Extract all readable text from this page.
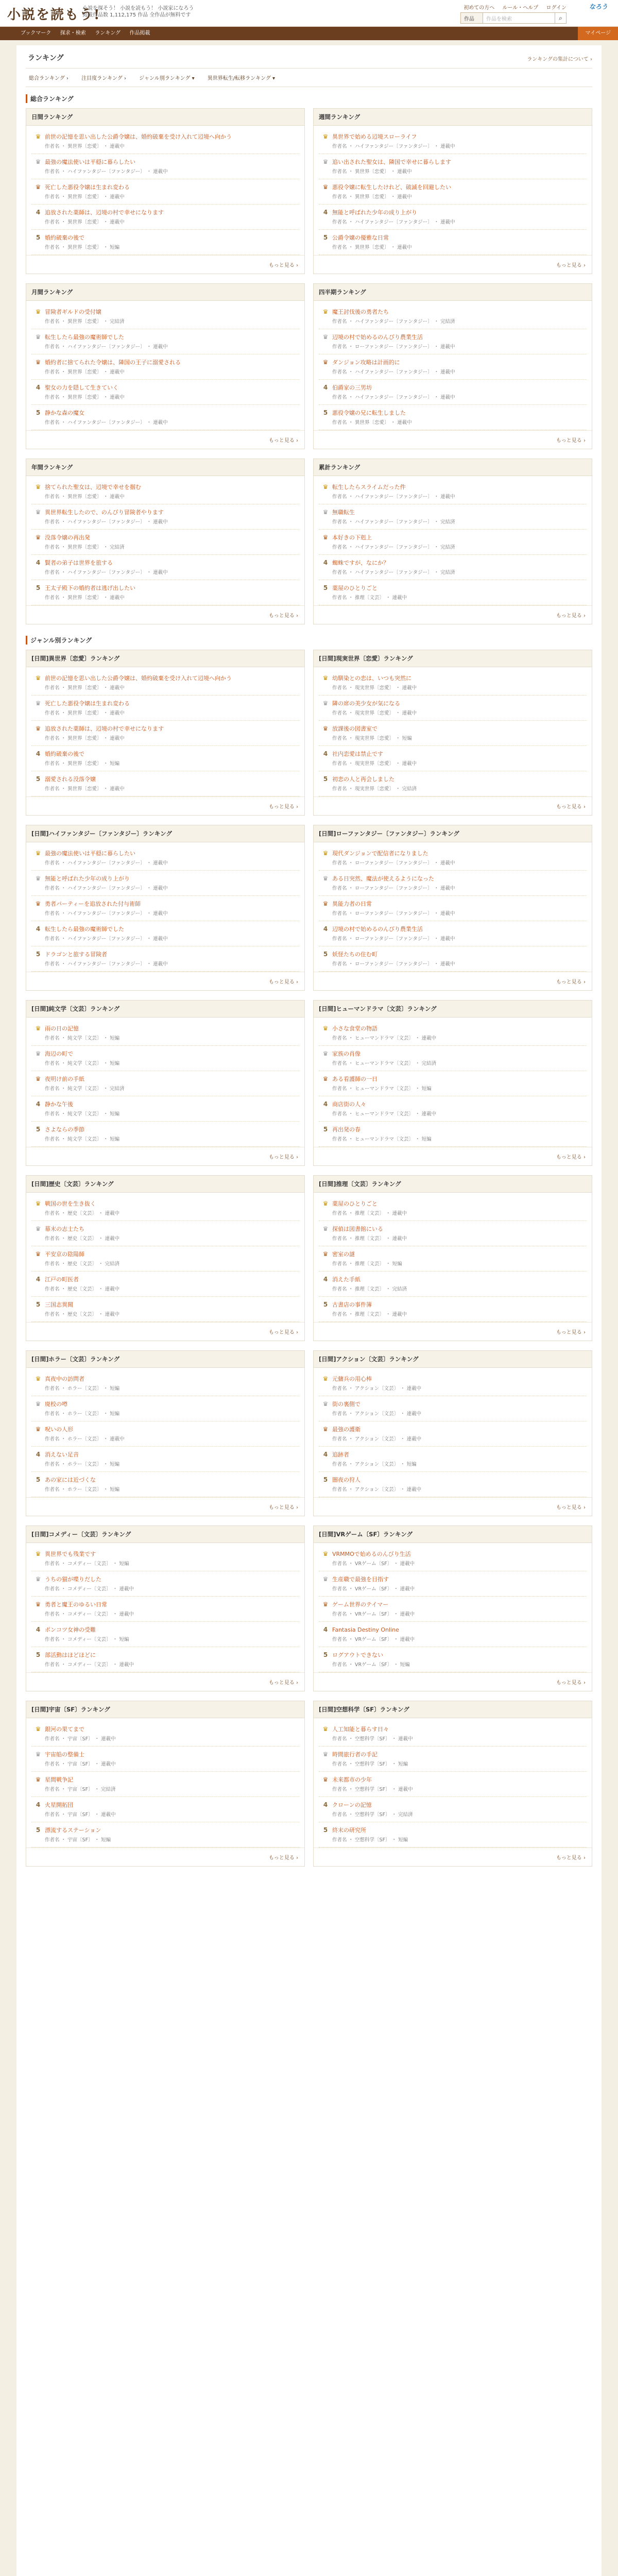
小説を読もう!
小説を探そう！ 小説を読もう！ 小説家になろう
掲載作品数 1,112,175 作品 全作品が無料です
初めての方へ ルール・ヘルプ ログイン	なろう
作品	作品を検索	⌕
ブックマーク 探求・検索 ランキング 作品掲載	マイページ
ランキング	ランキングの集計について ›
総合ランキング ›	注目度ランキング ›	ジャンル別ランキング ▾	異世界転生/転移ランキング ▾
総合ランキング
日間ランキング
♛ 前世の記憶を思い出した公爵令嬢は、婚約破棄を受け入れて辺境へ向かう
作者名 ・ 異世界〔恋愛〕 ・ 連載中
♛ 最強の魔法使いは平穏に暮らしたい
作者名 ・ ハイファンタジー〔ファンタジー〕 ・ 連載中
♛ 死亡した悪役令嬢は生まれ変わる
作者名 ・ 異世界〔恋愛〕 ・ 連載中
4 追放された薬師は、辺境の村で幸せになります
作者名 ・ 異世界〔恋愛〕 ・ 連載中
5 婚約破棄の後で
作者名 ・ 異世界〔恋愛〕 ・ 短編
もっと見る ›
週間ランキング
♛ 異世界で始める辺境スローライフ
作者名 ・ ハイファンタジー〔ファンタジー〕 ・ 連載中
♛ 追い出された聖女は、隣国で幸せに暮らします
作者名 ・ 異世界〔恋愛〕 ・ 連載中
♛ 悪役令嬢に転生したけれど、破滅を回避したい
作者名 ・ 異世界〔恋愛〕 ・ 連載中
4 無能と呼ばれた少年の成り上がり
作者名 ・ ハイファンタジー〔ファンタジー〕 ・ 連載中
5 公爵令嬢の優雅な日常
作者名 ・ 異世界〔恋愛〕 ・ 連載中
もっと見る ›
月間ランキング
♛ 冒険者ギルドの受付嬢
作者名 ・ 異世界〔恋愛〕 ・ 完結済
♛ 転生したら最強の魔術師でした
作者名 ・ ハイファンタジー〔ファンタジー〕 ・ 連載中
♛ 婚約者に捨てられた令嬢は、隣国の王子に溺愛される
作者名 ・ 異世界〔恋愛〕 ・ 連載中
4 聖女の力を隠して生きていく
作者名 ・ 異世界〔恋愛〕 ・ 連載中
5 静かな森の魔女
作者名 ・ ハイファンタジー〔ファンタジー〕 ・ 連載中
もっと見る ›
四半期ランキング
♛ 魔王討伐後の勇者たち
作者名 ・ ハイファンタジー〔ファンタジー〕 ・ 完結済
♛ 辺境の村で始めるのんびり農業生活
作者名 ・ ローファンタジー〔ファンタジー〕 ・ 連載中
♛ ダンジョン攻略は計画的に
作者名 ・ ハイファンタジー〔ファンタジー〕 ・ 連載中
4 伯爵家の三男坊
作者名 ・ ハイファンタジー〔ファンタジー〕 ・ 連載中
5 悪役令嬢の兄に転生しました
作者名 ・ 異世界〔恋愛〕 ・ 連載中
もっと見る ›
年間ランキング
♛ 捨てられた聖女は、辺境で幸せを掴む
作者名 ・ 異世界〔恋愛〕 ・ 連載中
♛ 異世界転生したので、のんびり冒険者やります
作者名 ・ ハイファンタジー〔ファンタジー〕 ・ 連載中
♛ 没落令嬢の再出発
作者名 ・ 異世界〔恋愛〕 ・ 完結済
4 賢者の弟子は世界を旅する
作者名 ・ ハイファンタジー〔ファンタジー〕 ・ 連載中
5 王太子殿下の婚約者は逃げ出したい
作者名 ・ 異世界〔恋愛〕 ・ 連載中
もっと見る ›
累計ランキング
♛ 転生したらスライムだった件
作者名 ・ ハイファンタジー〔ファンタジー〕 ・ 連載中
♛ 無職転生
作者名 ・ ハイファンタジー〔ファンタジー〕 ・ 完結済
♛ 本好きの下剋上
作者名 ・ ハイファンタジー〔ファンタジー〕 ・ 完結済
4 蜘蛛ですが、なにか？
作者名 ・ ハイファンタジー〔ファンタジー〕 ・ 完結済
5 薬屋のひとりごと
作者名 ・ 推理〔文芸〕 ・ 連載中
もっと見る ›
ジャンル別ランキング
[日間]異世界〔恋愛〕ランキング
♛ 前世の記憶を思い出した公爵令嬢は、婚約破棄を受け入れて辺境へ向かう
作者名 ・ 異世界〔恋愛〕 ・ 連載中
♛ 死亡した悪役令嬢は生まれ変わる
作者名 ・ 異世界〔恋愛〕 ・ 連載中
♛ 追放された薬師は、辺境の村で幸せになります
作者名 ・ 異世界〔恋愛〕 ・ 連載中
4 婚約破棄の後で
作者名 ・ 異世界〔恋愛〕 ・ 短編
5 溺愛される没落令嬢
作者名 ・ 異世界〔恋愛〕 ・ 連載中
もっと見る ›
[日間]現実世界〔恋愛〕ランキング
♛ 幼馴染との恋は、いつも突然に
作者名 ・ 現実世界〔恋愛〕 ・ 連載中
♛ 隣の席の美少女が気になる
作者名 ・ 現実世界〔恋愛〕 ・ 連載中
♛ 放課後の図書室で
作者名 ・ 現実世界〔恋愛〕 ・ 短編
4 社内恋愛は禁止です
作者名 ・ 現実世界〔恋愛〕 ・ 連載中
5 初恋の人と再会しました
作者名 ・ 現実世界〔恋愛〕 ・ 完結済
もっと見る ›
[日間]ハイファンタジー〔ファンタジー〕ランキング
♛ 最強の魔法使いは平穏に暮らしたい
作者名 ・ ハイファンタジー〔ファンタジー〕 ・ 連載中
♛ 無能と呼ばれた少年の成り上がり
作者名 ・ ハイファンタジー〔ファンタジー〕 ・ 連載中
♛ 勇者パーティーを追放された付与術師
作者名 ・ ハイファンタジー〔ファンタジー〕 ・ 連載中
4 転生したら最強の魔術師でした
作者名 ・ ハイファンタジー〔ファンタジー〕 ・ 連載中
5 ドラゴンと旅する冒険者
作者名 ・ ハイファンタジー〔ファンタジー〕 ・ 連載中
もっと見る ›
[日間]ローファンタジー〔ファンタジー〕ランキング
♛ 現代ダンジョンで配信者になりました
作者名 ・ ローファンタジー〔ファンタジー〕 ・ 連載中
♛ ある日突然、魔法が使えるようになった
作者名 ・ ローファンタジー〔ファンタジー〕 ・ 連載中
♛ 異能力者の日常
作者名 ・ ローファンタジー〔ファンタジー〕 ・ 連載中
4 辺境の村で始めるのんびり農業生活
作者名 ・ ローファンタジー〔ファンタジー〕 ・ 連載中
5 妖怪たちの住む町
作者名 ・ ローファンタジー〔ファンタジー〕 ・ 連載中
もっと見る ›
[日間]純文学〔文芸〕ランキング
♛ 雨の日の記憶
作者名 ・ 純文学〔文芸〕 ・ 短編
♛ 海辺の町で
作者名 ・ 純文学〔文芸〕 ・ 短編
♛ 夜明け前の手紙
作者名 ・ 純文学〔文芸〕 ・ 完結済
4 静かな午後
作者名 ・ 純文学〔文芸〕 ・ 短編
5 さよならの季節
作者名 ・ 純文学〔文芸〕 ・ 短編
もっと見る ›
[日間]ヒューマンドラマ〔文芸〕ランキング
♛ 小さな食堂の物語
作者名 ・ ヒューマンドラマ〔文芸〕 ・ 連載中
♛ 家族の肖像
作者名 ・ ヒューマンドラマ〔文芸〕 ・ 完結済
♛ ある看護師の一日
作者名 ・ ヒューマンドラマ〔文芸〕 ・ 短編
4 商店街の人々
作者名 ・ ヒューマンドラマ〔文芸〕 ・ 連載中
5 再出発の春
作者名 ・ ヒューマンドラマ〔文芸〕 ・ 短編
もっと見る ›
[日間]歴史〔文芸〕ランキング
♛ 戦国の世を生き抜く
作者名 ・ 歴史〔文芸〕 ・ 連載中
♛ 幕末の志士たち
作者名 ・ 歴史〔文芸〕 ・ 連載中
♛ 平安京の陰陽師
作者名 ・ 歴史〔文芸〕 ・ 完結済
4 江戸の町医者
作者名 ・ 歴史〔文芸〕 ・ 連載中
5 三国志異聞
作者名 ・ 歴史〔文芸〕 ・ 連載中
もっと見る ›
[日間]推理〔文芸〕ランキング
♛ 薬屋のひとりごと
作者名 ・ 推理〔文芸〕 ・ 連載中
♛ 探偵は図書館にいる
作者名 ・ 推理〔文芸〕 ・ 連載中
♛ 密室の謎
作者名 ・ 推理〔文芸〕 ・ 短編
4 消えた手紙
作者名 ・ 推理〔文芸〕 ・ 完結済
5 古書店の事件簿
作者名 ・ 推理〔文芸〕 ・ 連載中
もっと見る ›
[日間]ホラー〔文芸〕ランキング
♛ 真夜中の訪問者
作者名 ・ ホラー〔文芸〕 ・ 短編
♛ 廃校の噂
作者名 ・ ホラー〔文芸〕 ・ 短編
♛ 呪いの人形
作者名 ・ ホラー〔文芸〕 ・ 連載中
4 消えない足音
作者名 ・ ホラー〔文芸〕 ・ 短編
5 あの家には近づくな
作者名 ・ ホラー〔文芸〕 ・ 短編
もっと見る ›
[日間]アクション〔文芸〕ランキング
♛ 元傭兵の用心棒
作者名 ・ アクション〔文芸〕 ・ 連載中
♛ 街の裏側で
作者名 ・ アクション〔文芸〕 ・ 連載中
♛ 最強の護衛
作者名 ・ アクション〔文芸〕 ・ 連載中
4 追跡者
作者名 ・ アクション〔文芸〕 ・ 短編
5 闇夜の狩人
作者名 ・ アクション〔文芸〕 ・ 連載中
もっと見る ›
[日間]コメディー〔文芸〕ランキング
♛ 異世界でも残業です
作者名 ・ コメディー〔文芸〕 ・ 短編
♛ うちの猫が喋りだした
作者名 ・ コメディー〔文芸〕 ・ 連載中
♛ 勇者と魔王のゆるい日常
作者名 ・ コメディー〔文芸〕 ・ 連載中
4 ポンコツ女神の受難
作者名 ・ コメディー〔文芸〕 ・ 短編
5 部活動はほどほどに
作者名 ・ コメディー〔文芸〕 ・ 連載中
もっと見る ›
[日間]VRゲーム〔SF〕ランキング
♛ VRMMOで始めるのんびり生活
作者名 ・ VRゲーム〔SF〕 ・ 連載中
♛ 生産職で最強を目指す
作者名 ・ VRゲーム〔SF〕 ・ 連載中
♛ ゲーム世界のテイマー
作者名 ・ VRゲーム〔SF〕 ・ 連載中
4 Fantasia Destiny Online
作者名 ・ VRゲーム〔SF〕 ・ 連載中
5 ログアウトできない
作者名 ・ VRゲーム〔SF〕 ・ 短編
もっと見る ›
[日間]宇宙〔SF〕ランキング
♛ 銀河の果てまで
作者名 ・ 宇宙〔SF〕 ・ 連載中
♛ 宇宙船の整備士
作者名 ・ 宇宙〔SF〕 ・ 連載中
♛ 星間戦争記
作者名 ・ 宇宙〔SF〕 ・ 完結済
4 火星開拓団
作者名 ・ 宇宙〔SF〕 ・ 連載中
5 漂流するステーション
作者名 ・ 宇宙〔SF〕 ・ 短編
もっと見る ›
[日間]空想科学〔SF〕ランキング
♛ 人工知能と暮らす日々
作者名 ・ 空想科学〔SF〕 ・ 連載中
♛ 時間旅行者の手記
作者名 ・ 空想科学〔SF〕 ・ 短編
♛ 未来都市の少年
作者名 ・ 空想科学〔SF〕 ・ 連載中
4 クローンの記憶
作者名 ・ 空想科学〔SF〕 ・ 完結済
5 終末の研究所
作者名 ・ 空想科学〔SF〕 ・ 短編
もっと見る ›
